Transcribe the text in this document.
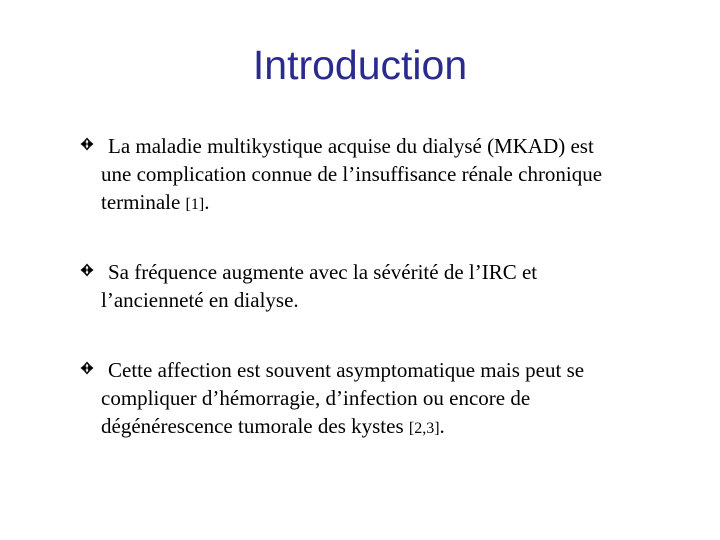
Introduction
La maladie multikystique acquise du dialysé (MKAD) est
une complication connue de l’insuffisance rénale chronique
terminale [1].
Sa fréquence augmente avec la sévérité de l’IRC et
l’ancienneté en dialyse.
Cette affection est souvent asymptomatique mais peut se
compliquer d’hémorragie, d’infection ou encore de
dégénérescence tumorale des kystes [2,3].
